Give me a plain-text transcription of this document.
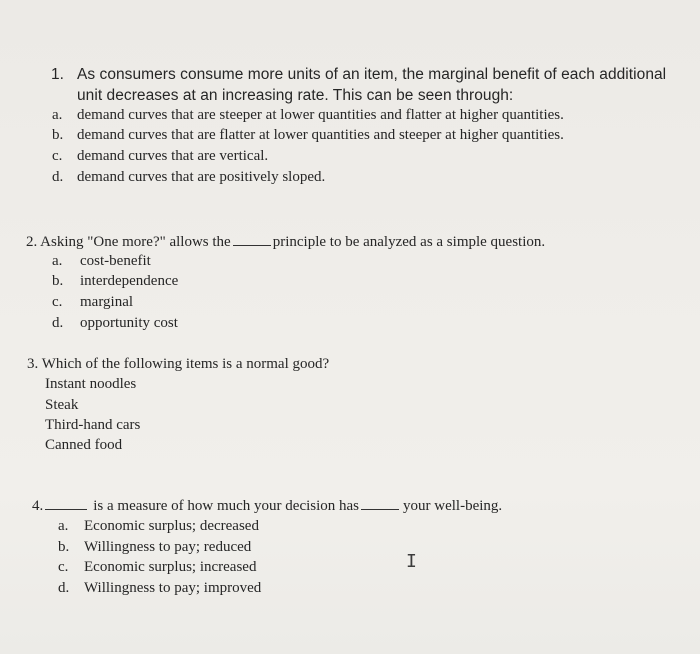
1. As consumers consume more units of an item, the marginal benefit of each additional
unit decreases at an increasing rate. This can be seen through:
a. demand curves that are steeper at lower quantities and flatter at higher quantities.
b. demand curves that are flatter at lower quantities and steeper at higher quantities.
c. demand curves that are vertical.
d. demand curves that are positively sloped.
2. Asking "One more?" allows the	principle to be analyzed as a simple question.
a. cost-benefit
b. interdependence
c. marginal
d. opportunity cost
3. Which of the following items is a normal good?
Instant noodles
Steak
Third-hand cars
Canned food
4.	is a measure of how much your decision has	your well-being.
a. Economic surplus; decreased
b. Willingness to pay; reduced
c. Economic surplus; increased
d. Willingness to pay; improved
I
